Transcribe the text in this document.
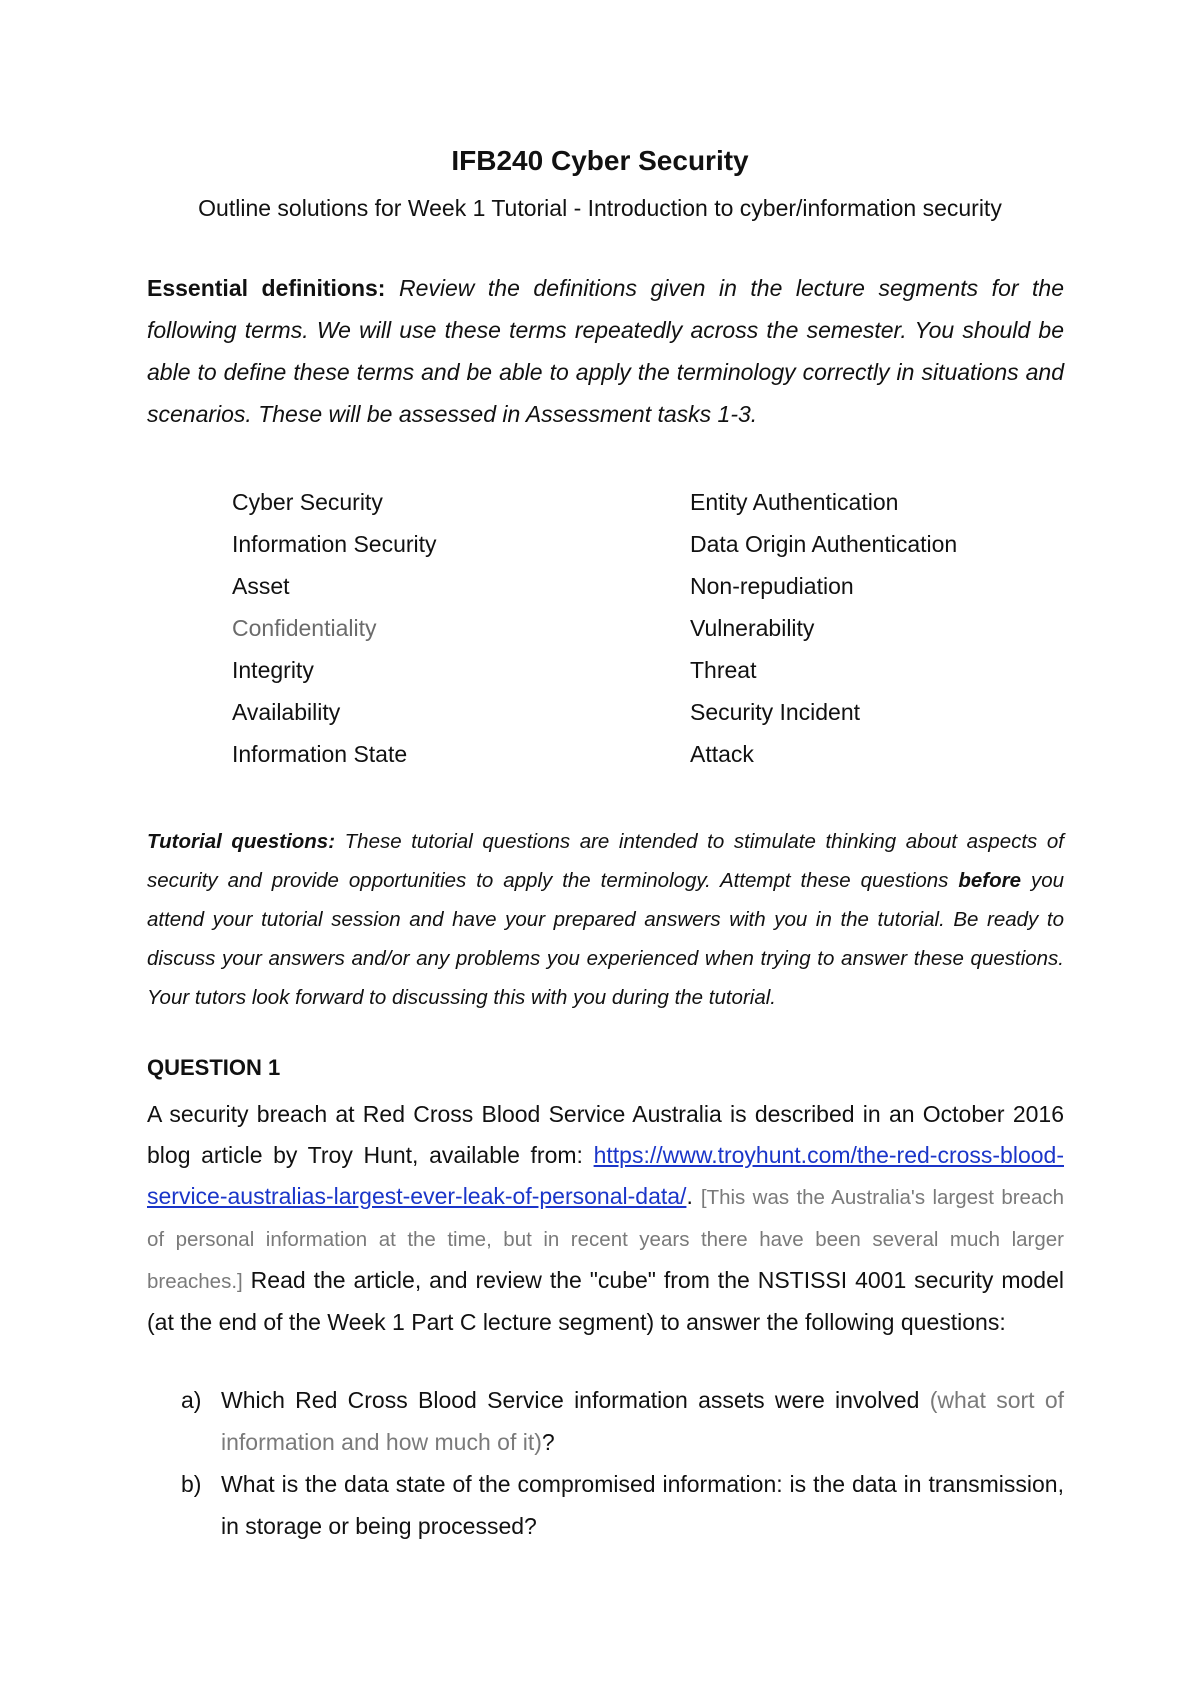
IFB240 Cyber Security
Outline solutions for Week 1 Tutorial - Introduction to cyber/information security
Essential definitions: Review the definitions given in the lecture segments for the following terms. We will use these terms repeatedly across the semester. You should be able to define these terms and be able to apply the terminology correctly in situations and scenarios. These will be assessed in Assessment tasks 1-3.
Cyber Security
Information Security
Asset
Confidentiality
Integrity
Availability
Information State
Entity Authentication
Data Origin Authentication
Non-repudiation
Vulnerability
Threat
Security Incident
Attack
Tutorial questions: These tutorial questions are intended to stimulate thinking about aspects of security and provide opportunities to apply the terminology. Attempt these questions before you attend your tutorial session and have your prepared answers with you in the tutorial. Be ready to discuss your answers and/or any problems you experienced when trying to answer these questions. Your tutors look forward to discussing this with you during the tutorial.
QUESTION 1
A security breach at Red Cross Blood Service Australia is described in an October 2016 blog article by Troy Hunt, available from: https://www.troyhunt.com/the-red-cross-blood-service-australias-largest-ever-leak-of-personal-data/. [This was the Australia's largest breach of personal information at the time, but in recent years there have been several much larger breaches.] Read the article, and review the "cube" from the NSTISSI 4001 security model (at the end of the Week 1 Part C lecture segment) to answer the following questions:
a) Which Red Cross Blood Service information assets were involved (what sort of information and how much of it)?
b) What is the data state of the compromised information: is the data in transmission, in storage or being processed?
